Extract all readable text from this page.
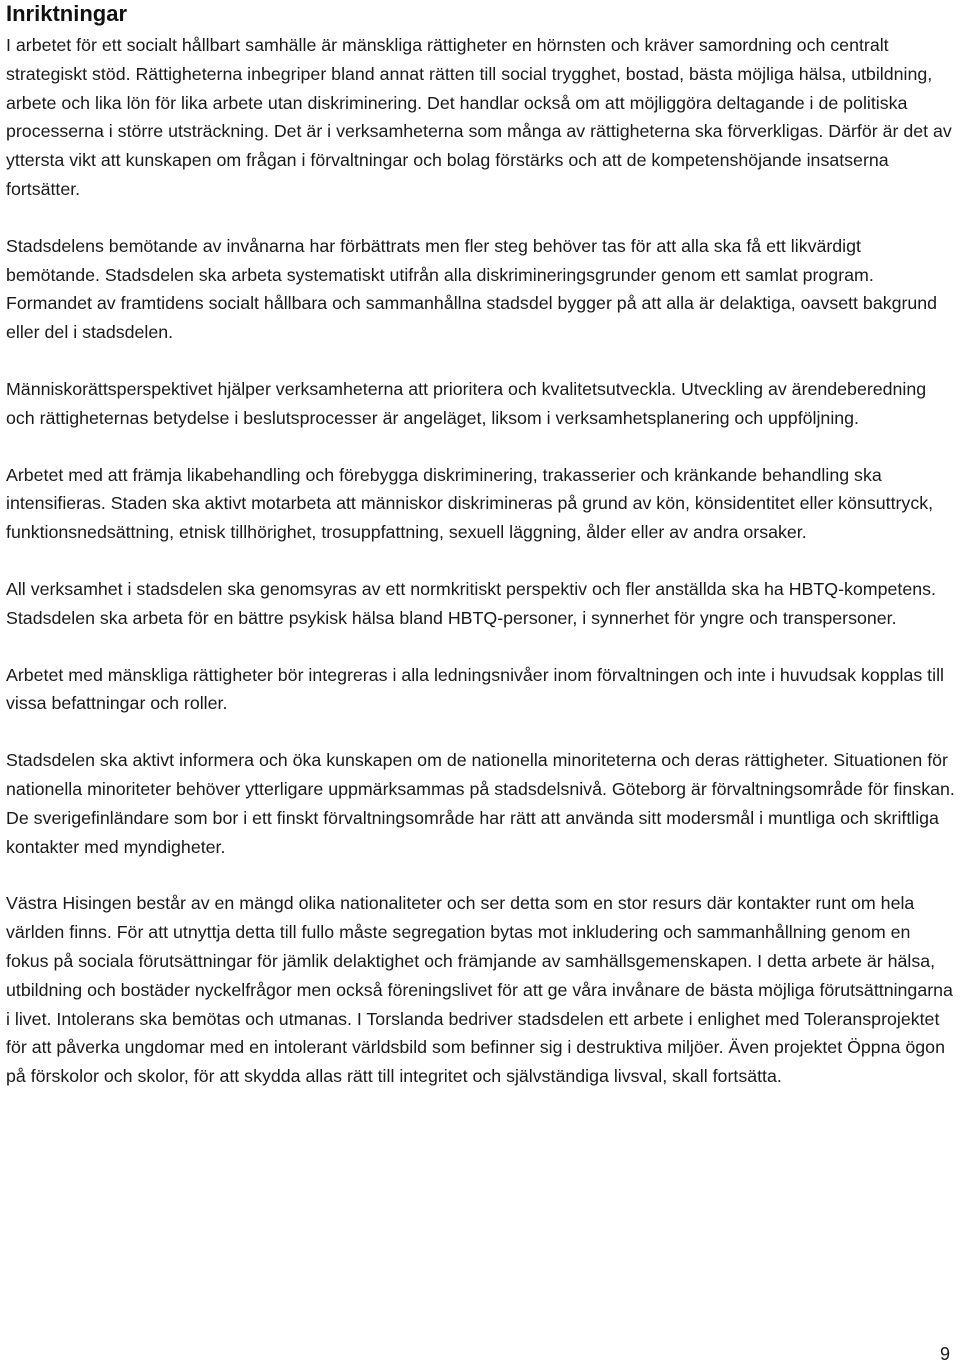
Inriktningar

I arbetet för ett socialt hållbart samhälle är mänskliga rättigheter en hörnsten och kräver samordning och centralt strategiskt stöd. Rättigheterna inbegriper bland annat rätten till social trygghet, bostad, bästa möjliga hälsa, utbildning, arbete och lika lön för lika arbete utan diskriminering. Det handlar också om att möjliggöra deltagande i de politiska processerna i större utsträckning. Det är i verksamheterna som många av rättigheterna ska förverkligas. Därför är det av yttersta vikt att kunskapen om frågan i förvaltningar och bolag förstärks och att de kompetenshöjande insatserna fortsätter.

Stadsdelens bemötande av invånarna har förbättrats men fler steg behöver tas för att alla ska få ett likvärdigt bemötande. Stadsdelen ska arbeta systematiskt utifrån alla diskrimineringsgrunder genom ett samlat program. Formandet av framtidens socialt hållbara och sammanhållna stadsdel bygger på att alla är delaktiga, oavsett bakgrund eller del i stadsdelen.

Människorättsperspektivet hjälper verksamheterna att prioritera och kvalitetsutveckla. Utveckling av ärendeberedning och rättigheternas betydelse i beslutsprocesser är angeläget, liksom i verksamhetsplanering och uppföljning.

Arbetet med att främja likabehandling och förebygga diskriminering, trakasserier och kränkande behandling ska intensifieras. Staden ska aktivt motarbeta att människor diskrimineras på grund av kön, könsidentitet eller könsuttryck, funktionsnedsättning, etnisk tillhörighet, trosuppfattning, sexuell läggning, ålder eller av andra orsaker.

All verksamhet i stadsdelen ska genomsyras av ett normkritiskt perspektiv och fler anställda ska ha HBTQ-kompetens. Stadsdelen ska arbeta för en bättre psykisk hälsa bland HBTQ-personer, i synnerhet för yngre och transpersoner.

Arbetet med mänskliga rättigheter bör integreras i alla ledningsnivåer inom förvaltningen och inte i huvudsak kopplas till vissa befattningar och roller.

Stadsdelen ska aktivt informera och öka kunskapen om de nationella minoriteterna och deras rättigheter. Situationen för nationella minoriteter behöver ytterligare uppmärksammas på stadsdelsnivå. Göteborg är förvaltningsområde för finskan. De sverigefinländare som bor i ett finskt förvaltningsområde har rätt att använda sitt modersmål i muntliga och skriftliga kontakter med myndigheter.

Västra Hisingen består av en mängd olika nationaliteter och ser detta som en stor resurs där kontakter runt om hela världen finns. För att utnyttja detta till fullo måste segregation bytas mot inkludering och sammanhållning genom en fokus på sociala förutsättningar för jämlik delaktighet och främjande av samhällsgemenskapen. I detta arbete är hälsa, utbildning och bostäder nyckelfrågor men också föreningslivet för att ge våra invånare de bästa möjliga förutsättningarna i livet. Intolerans ska bemötas och utmanas. I Torslanda bedriver stadsdelen ett arbete i enlighet med Toleransprojektet för att påverka ungdomar med en intolerant världsbild som befinner sig i destruktiva miljöer. Även projektet Öppna ögon på förskolor och skolor, för att skydda allas rätt till integritet och självständiga livsval, skall fortsätta.

9
